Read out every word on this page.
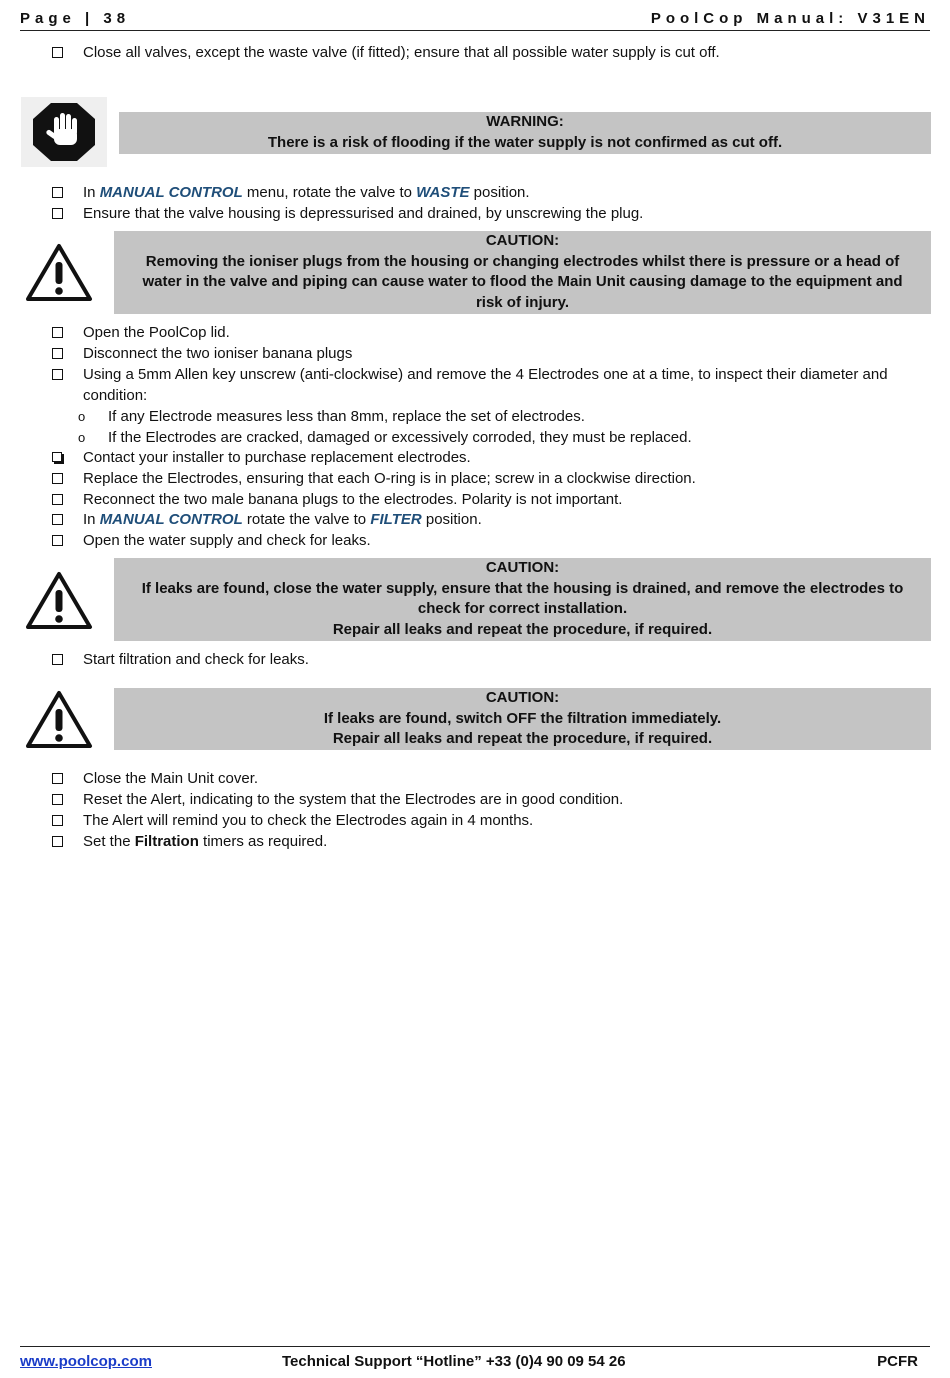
Page | 38	PoolCop Manual: V31EN
Close all valves, except the waste valve (if fitted); ensure that all possible water supply is cut off.
WARNING:
There is a risk of flooding if the water supply is not confirmed as cut off.
In MANUAL CONTROL menu, rotate the valve to WASTE position.
Ensure that the valve housing is depressurised and drained, by unscrewing the plug.
CAUTION:
Removing the ioniser plugs from the housing or changing electrodes whilst there is pressure or a head of
water in the valve and piping can cause water to flood the Main Unit causing damage to the equipment and
risk of injury.
Open the PoolCop lid.
Disconnect the two ioniser banana plugs
Using a 5mm Allen key unscrew (anti-clockwise) and remove the 4 Electrodes one at a time, to inspect their diameter and
condition:
o If any Electrode measures less than 8mm, replace the set of electrodes.
o If the Electrodes are cracked, damaged or excessively corroded, they must be replaced.
Contact your installer to purchase replacement electrodes.
Replace the Electrodes, ensuring that each O-ring is in place; screw in a clockwise direction.
Reconnect the two male banana plugs to the electrodes. Polarity is not important.
In MANUAL CONTROL rotate the valve to FILTER position.
Open the water supply and check for leaks.
CAUTION:
If leaks are found, close the water supply, ensure that the housing is drained, and remove the electrodes to
check for correct installation.
Repair all leaks and repeat the procedure, if required.
Start filtration and check for leaks.
CAUTION:
If leaks are found, switch OFF the filtration immediately.
Repair all leaks and repeat the procedure, if required.
Close the Main Unit cover.
Reset the Alert, indicating to the system that the Electrodes are in good condition.
The Alert will remind you to check the Electrodes again in 4 months.
Set the Filtration timers as required.
www.poolcop.com	Technical Support “Hotline” +33 (0)4 90 09 54 26	PCFR
